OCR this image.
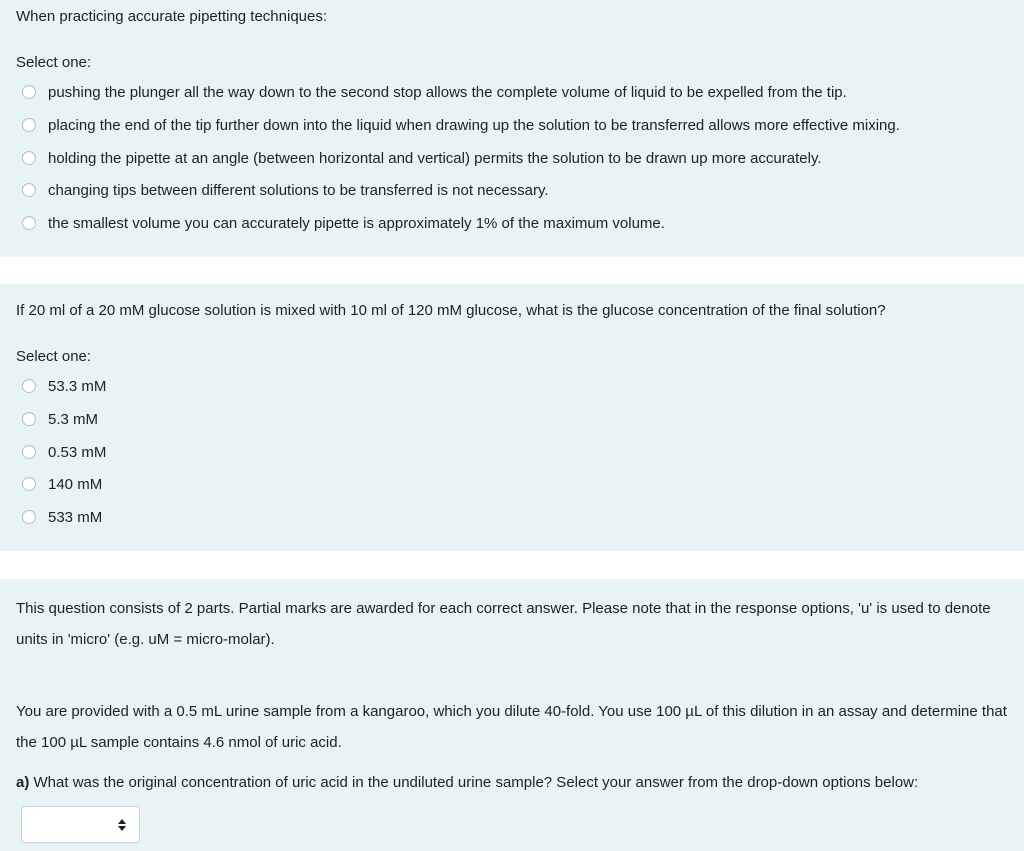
When practicing accurate pipetting techniques:
Select one:
pushing the plunger all the way down to the second stop allows the complete volume of liquid to be expelled from the tip.
placing the end of the tip further down into the liquid when drawing up the solution to be transferred allows more effective mixing.
holding the pipette at an angle (between horizontal and vertical) permits the solution to be drawn up more accurately.
changing tips between different solutions to be transferred is not necessary.
the smallest volume you can accurately pipette is approximately 1% of the maximum volume.
If 20 ml of a 20 mM glucose solution is mixed with 10 ml of 120 mM glucose, what is the glucose concentration of the final solution?
Select one:
53.3 mM
5.3 mM
0.53 mM
140 mM
533 mM
This question consists of 2 parts. Partial marks are awarded for each correct answer. Please note that in the response options, 'u' is used to denote units in 'micro' (e.g. uM = micro-molar).
You are provided with a 0.5 mL urine sample from a kangaroo, which you dilute 40-fold. You use 100 µL of this dilution in an assay and determine that the 100 µL sample contains 4.6 nmol of uric acid.
a) What was the original concentration of uric acid in the undiluted urine sample? Select your answer from the drop-down options below:
